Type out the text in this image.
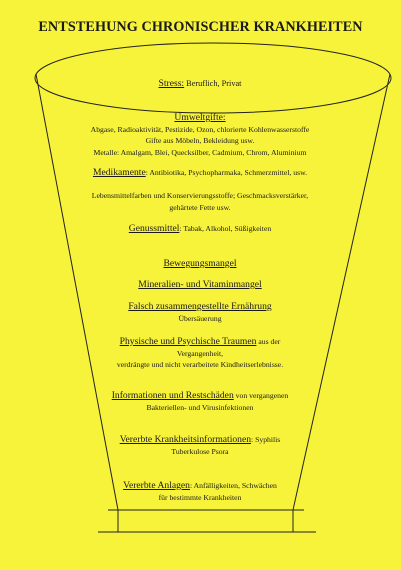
ENTSTEHUNG CHRONISCHER KRANKHEITEN
Stress: Beruflich, Privat
Umweltgifte:
Abgase, Radioaktivität, Pestizide, Ozon, chlorierte Kohlenwasserstoffe
Gifte aus Möbeln, Bekleidung usw.
Metalle: Amalgam, Blei, Quecksilber, Cadmium, Chrom, Aluminium
Medikamente: Antibiotika, Psychopharmaka, Schmerzmittel, usw.
Lebensmittelfarben und Konservierungsstoffe; Geschmacksverstärker,
gehärtete Fette usw.
Genussmittel: Tabak, Alkohol, Süßigkeiten
Bewegungsmangel
Mineralien- und Vitaminmangel
Falsch zusammengestellte Ernährung
Übersäuerung
Physische und Psychische Traumen aus der
Vergangenheit,
verdrängte und nicht verarbeitete Kindheitserlebnisse.
Informationen und Restschäden von vergangenen
Bakteriellen- und Virusinfektionen
Vererbte Krankheitsinformationen: Syphilis
Tuberkulose Psora
Vererbte Anlagen: Anfälligkeiten, Schwächen
für bestimmte Krankheiten
